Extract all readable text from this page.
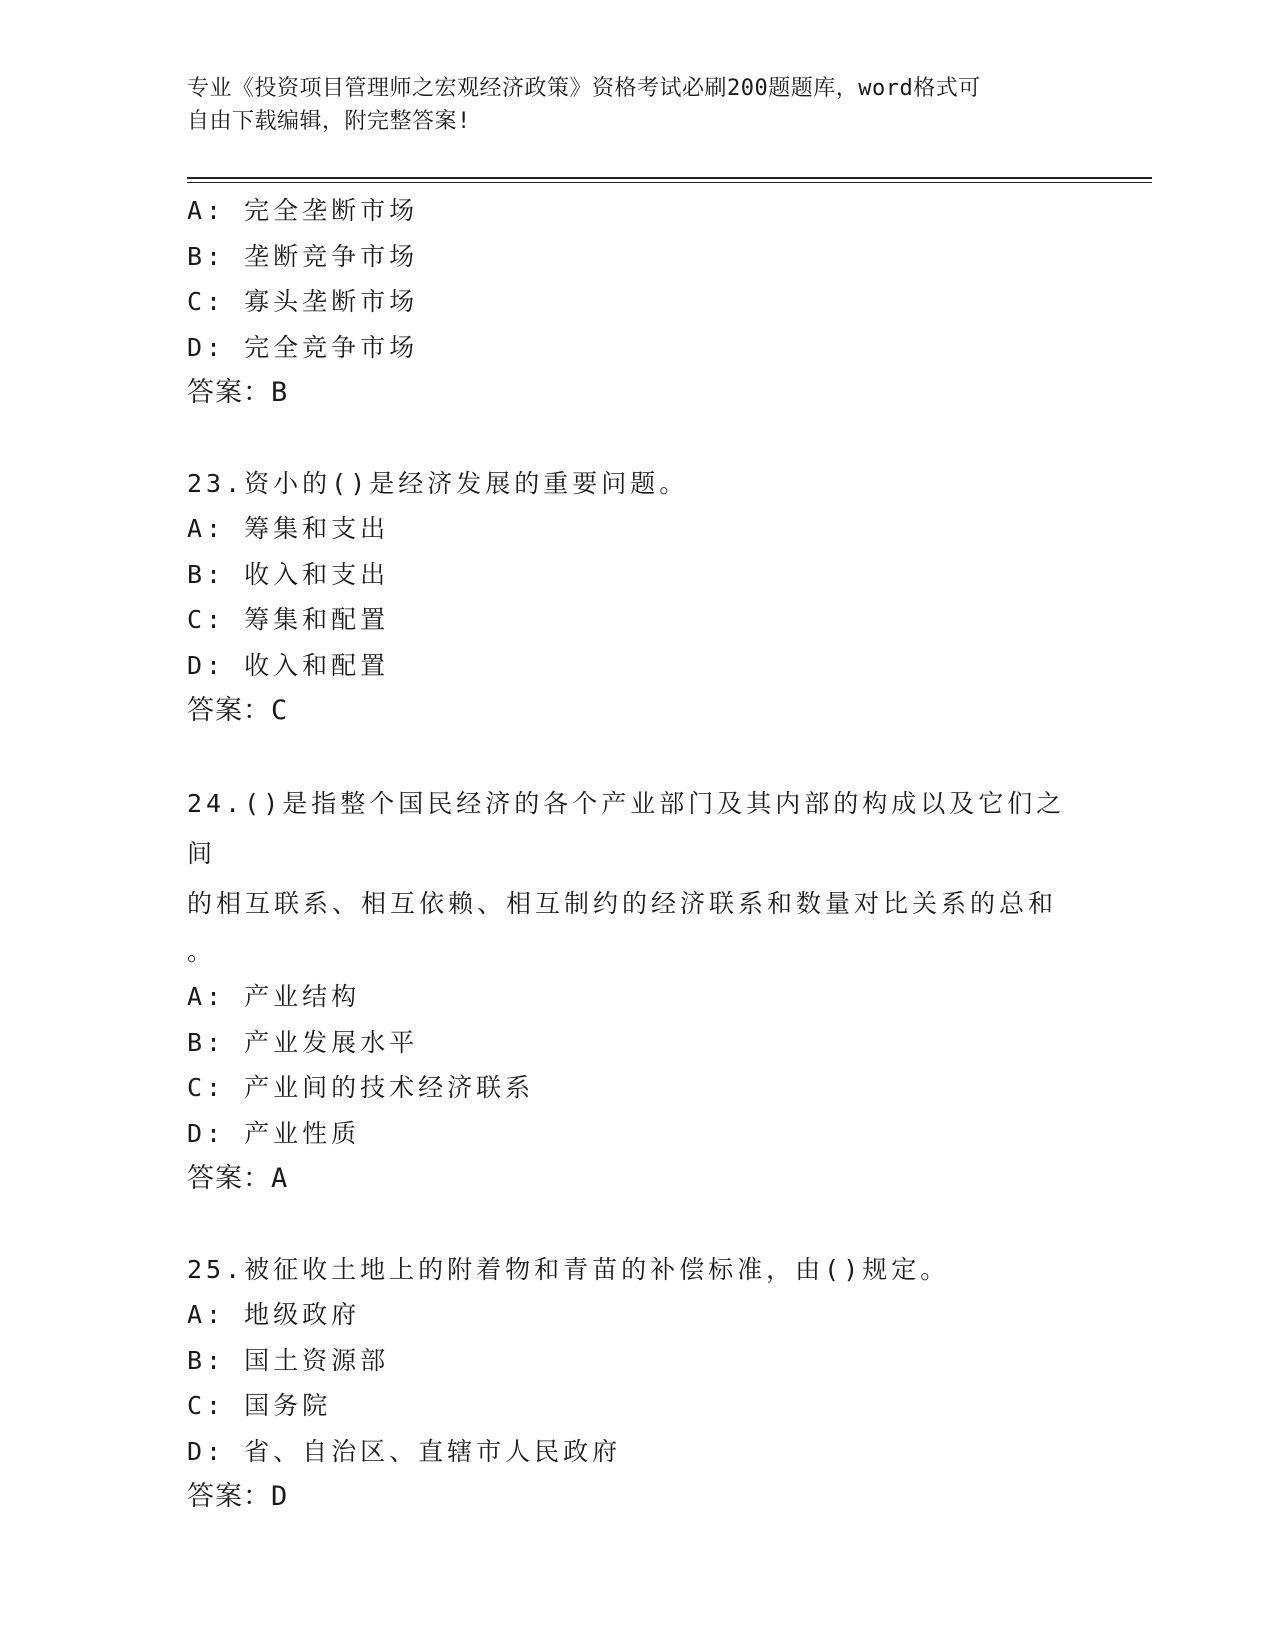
专业《投资项目管理师之宏观经济政策》资格考试必刷200题题库，word格式可
自由下载编辑，附完整答案!
A: 完全垄断市场
B: 垄断竞争市场
C: 寡头垄断市场
D: 完全竞争市场
答案：B
23.资小的()是经济发展的重要问题。
A: 筹集和支出
B: 收入和支出
C: 筹集和配置
D: 收入和配置
答案：C
24.()是指整个国民经济的各个产业部门及其内部的构成以及它们之间
的相互联系、相互依赖、相互制约的经济联系和数量对比关系的总和
。
A: 产业结构
B: 产业发展水平
C: 产业间的技术经济联系
D: 产业性质
答案：A
25.被征收土地上的附着物和青苗的补偿标准，由()规定。
A: 地级政府
B: 国土资源部
C: 国务院
D: 省、自治区、直辖市人民政府
答案：D
